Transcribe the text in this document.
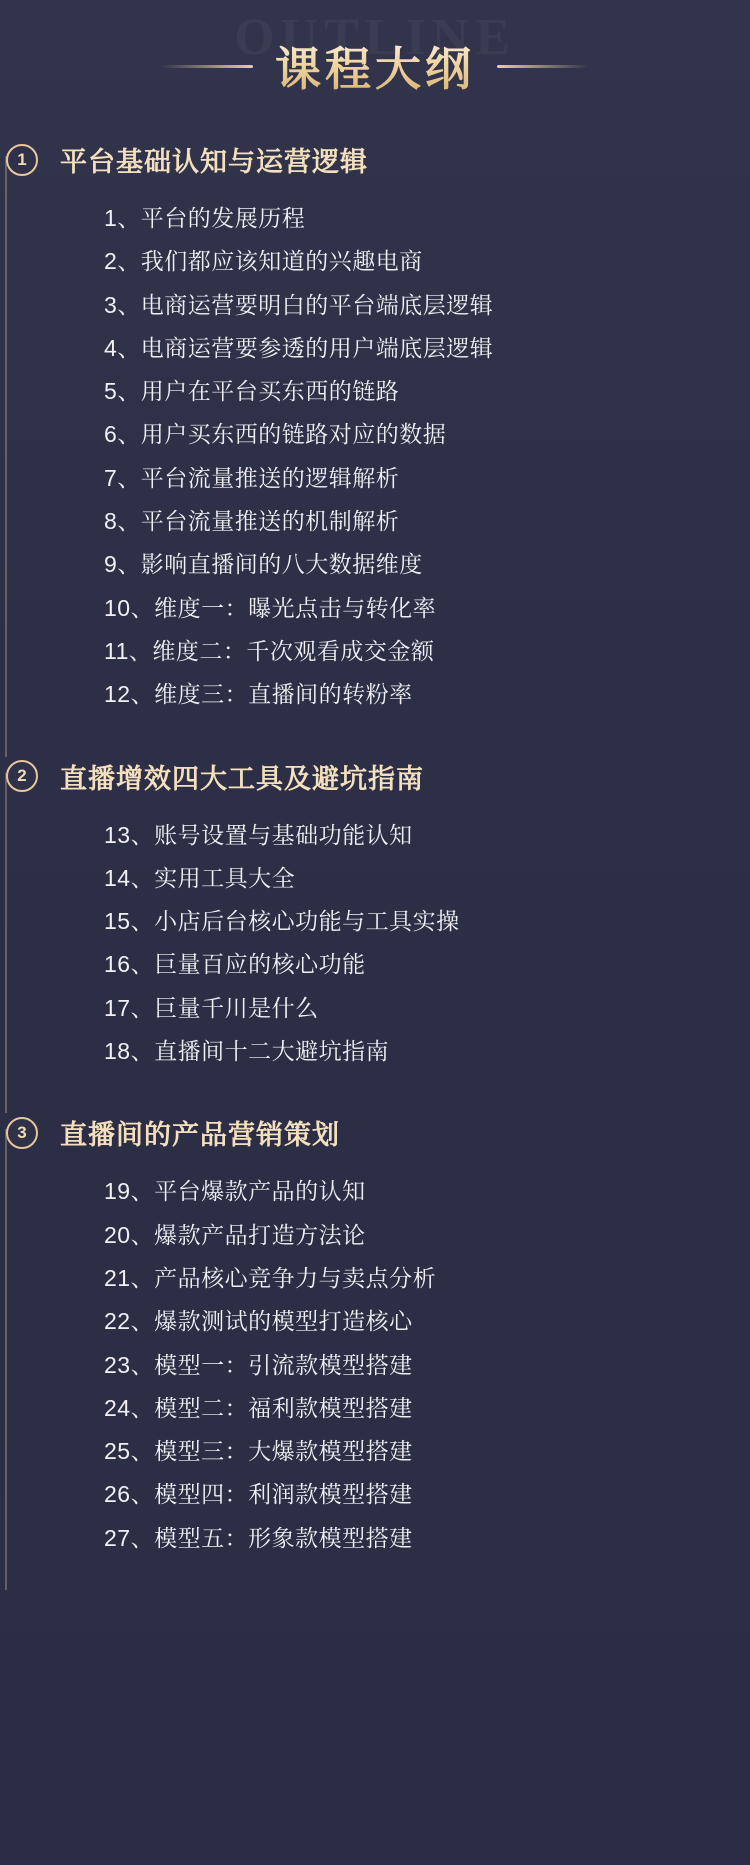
课程大纲
1	平台基础认知与运营逻辑
1、平台的发展历程
2、我们都应该知道的兴趣电商
3、电商运营要明白的平台端底层逻辑
4、电商运营要参透的用户端底层逻辑
5、用户在平台买东西的链路
6、用户买东西的链路对应的数据
7、平台流量推送的逻辑解析
8、平台流量推送的机制解析
9、影响直播间的八大数据维度
10、维度一：曝光点击与转化率
11、维度二：千次观看成交金额
12、维度三：直播间的转粉率
2	直播增效四大工具及避坑指南
13、账号设置与基础功能认知
14、实用工具大全
15、小店后台核心功能与工具实操
16、巨量百应的核心功能
17、巨量千川是什么
18、直播间十二大避坑指南
3	直播间的产品营销策划
19、平台爆款产品的认知
20、爆款产品打造方法论
21、产品核心竞争力与卖点分析
22、爆款测试的模型打造核心
23、模型一：引流款模型搭建
24、模型二：福利款模型搭建
25、模型三：大爆款模型搭建
26、模型四：利润款模型搭建
27、模型五：形象款模型搭建
